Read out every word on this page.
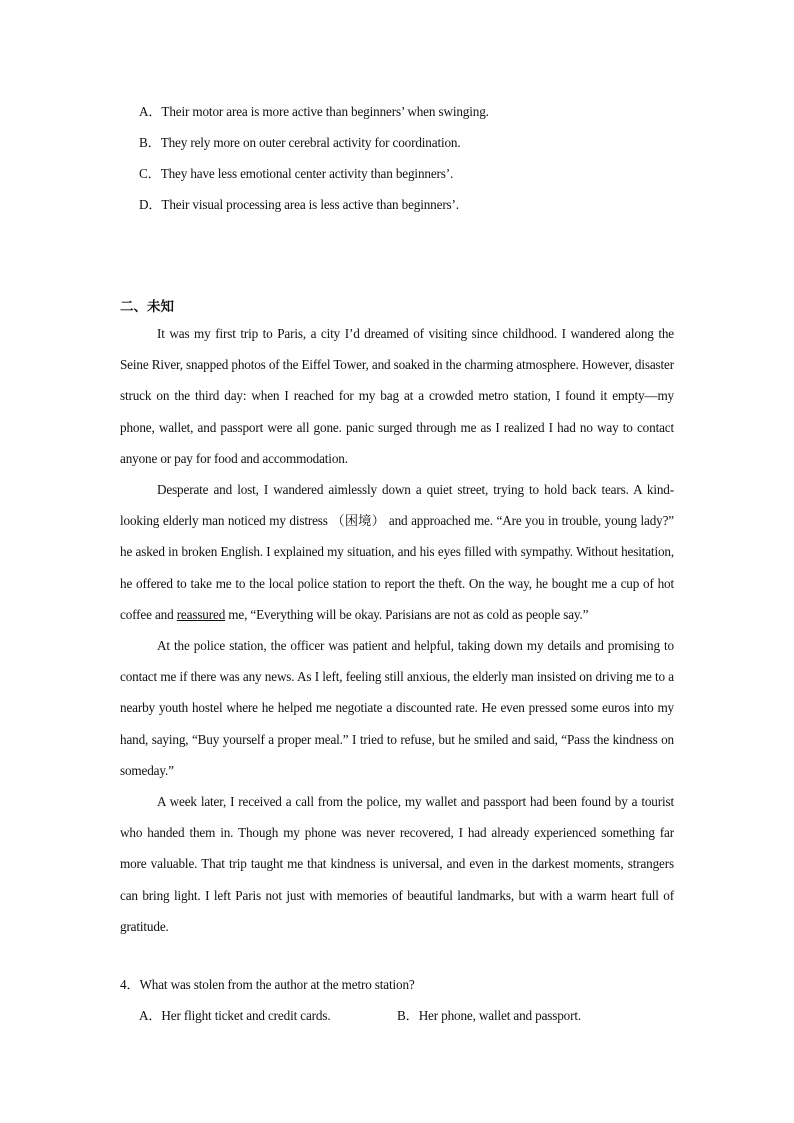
A．Their motor area is more active than beginners’ when swinging.
B．They rely more on outer cerebral activity for coordination.
C．They have less emotional center activity than beginners’.
D．Their visual processing area is less active than beginners’.
二、未知

It was my first trip to Paris, a city I’d dreamed of visiting since childhood. I wandered along the Seine River, snapped photos of the Eiffel Tower, and soaked in the charming atmosphere. However, disaster struck on the third day: when I reached for my bag at a crowded metro station, I found it empty—my phone, wallet, and passport were all gone. panic surged through me as I realized I had no way to contact anyone or pay for food and accommodation.

Desperate and lost, I wandered aimlessly down a quiet street, trying to hold back tears. A kind-looking elderly man noticed my distress （困境） and approached me. “Are you in trouble, young lady?” he asked in broken English. I explained my situation, and his eyes filled with sympathy. Without hesitation, he offered to take me to the local police station to report the theft. On the way, he bought me a cup of hot coffee and reassured me, “Everything will be okay. Parisians are not as cold as people say.”

At the police station, the officer was patient and helpful, taking down my details and promising to contact me if there was any news. As I left, feeling still anxious, the elderly man insisted on driving me to a nearby youth hostel where he helped me negotiate a discounted rate. He even pressed some euros into my hand, saying, “Buy yourself a proper meal.” I tried to refuse, but he smiled and said, “Pass the kindness on someday.”

A week later, I received a call from the police, my wallet and passport had been found by a tourist who handed them in. Though my phone was never recovered, I had already experienced something far more valuable. That trip taught me that kindness is universal, and even in the darkest moments, strangers can bring light. I left Paris not just with memories of beautiful landmarks, but with a warm heart full of gratitude.

4．What was stolen from the author at the metro station?
A．Her flight ticket and credit cards.	B．Her phone, wallet and passport.
